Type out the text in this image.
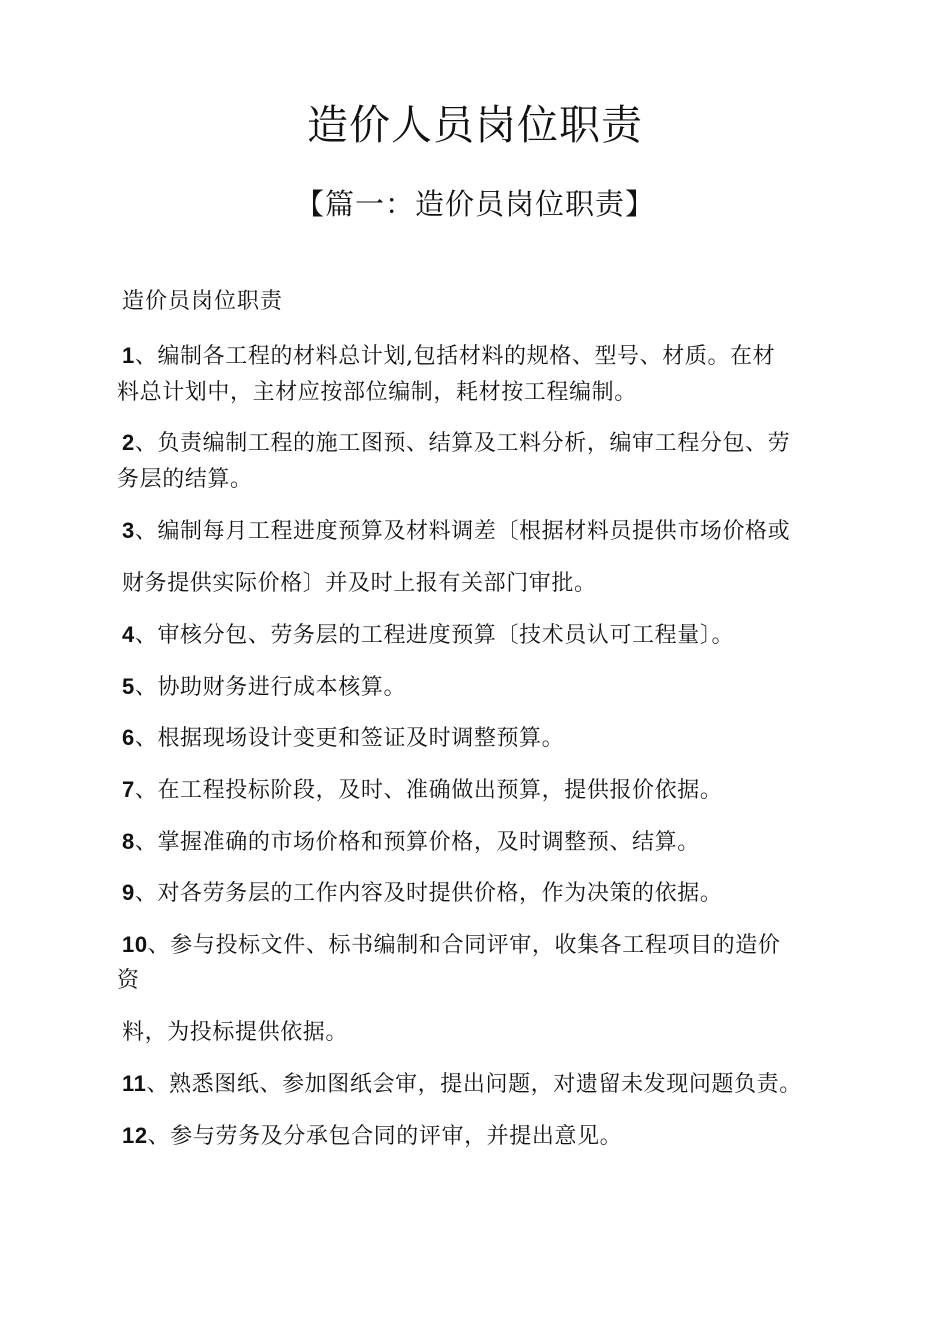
造价人员岗位职责
【篇一：造价员岗位职责】
造价员岗位职责
1、编制各工程的材料总计划,包括材料的规格、型号、材质。在材
料总计划中，主材应按部位编制，耗材按工程编制。
2、负责编制工程的施工图预、结算及工料分析，编审工程分包、劳
务层的结算。
3、编制每月工程进度预算及材料调差〔根据材料员提供市场价格或
财务提供实际价格〕并及时上报有关部门审批。
4、审核分包、劳务层的工程进度预算〔技术员认可工程量〕。
5、协助财务进行成本核算。
6、根据现场设计变更和签证及时调整预算。
7、在工程投标阶段，及时、准确做出预算，提供报价依据。
8、掌握准确的市场价格和预算价格，及时调整预、结算。
9、对各劳务层的工作内容及时提供价格，作为决策的依据。
10、参与投标文件、标书编制和合同评审，收集各工程项目的造价
资
料，为投标提供依据。
11、熟悉图纸、参加图纸会审，提出问题，对遗留未发现问题负责。
12、参与劳务及分承包合同的评审，并提出意见。
